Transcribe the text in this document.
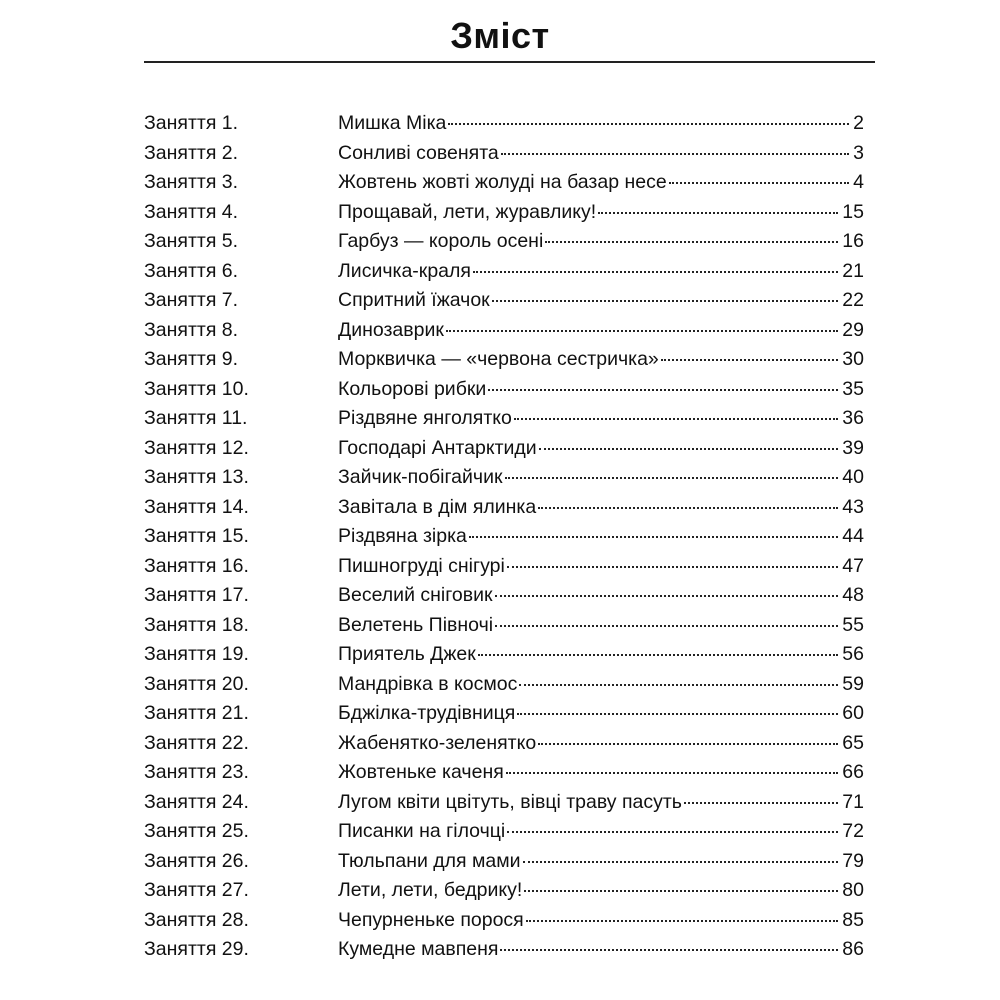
Зміст
Заняття 1.	Мишка Міка	2
Заняття 2.	Сонливі совенята	3
Заняття 3.	Жовтень жовті жолуді на базар несе	4
Заняття 4.	Прощавай, лети, журавлику!	15
Заняття 5.	Гарбуз — король осені	16
Заняття 6.	Лисичка-краля	21
Заняття 7.	Спритний їжачок	22
Заняття 8.	Динозаврик	29
Заняття 9.	Морквичка — «червона сестричка»	30
Заняття 10.	Кольорові рибки	35
Заняття 11.	Різдвяне янголятко	36
Заняття 12.	Господарі Антарктиди	39
Заняття 13.	Зайчик-побігайчик	40
Заняття 14.	Завітала в дім ялинка	43
Заняття 15.	Різдвяна зірка	44
Заняття 16.	Пишногруді снігурі	47
Заняття 17.	Веселий сніговик	48
Заняття 18.	Велетень Півночі	55
Заняття 19.	Приятель Джек	56
Заняття 20.	Мандрівка в космос	59
Заняття 21.	Бджілка-трудівниця	60
Заняття 22.	Жабенятко-зеленятко	65
Заняття 23.	Жовтеньке каченя	66
Заняття 24.	Лугом квіти цвітуть, вівці траву пасуть	71
Заняття 25.	Писанки на гілочці	72
Заняття 26.	Тюльпани для мами	79
Заняття 27.	Лети, лети, бедрику!	80
Заняття 28.	Чепурненьке порося	85
Заняття 29.	Кумедне мавпеня	86
